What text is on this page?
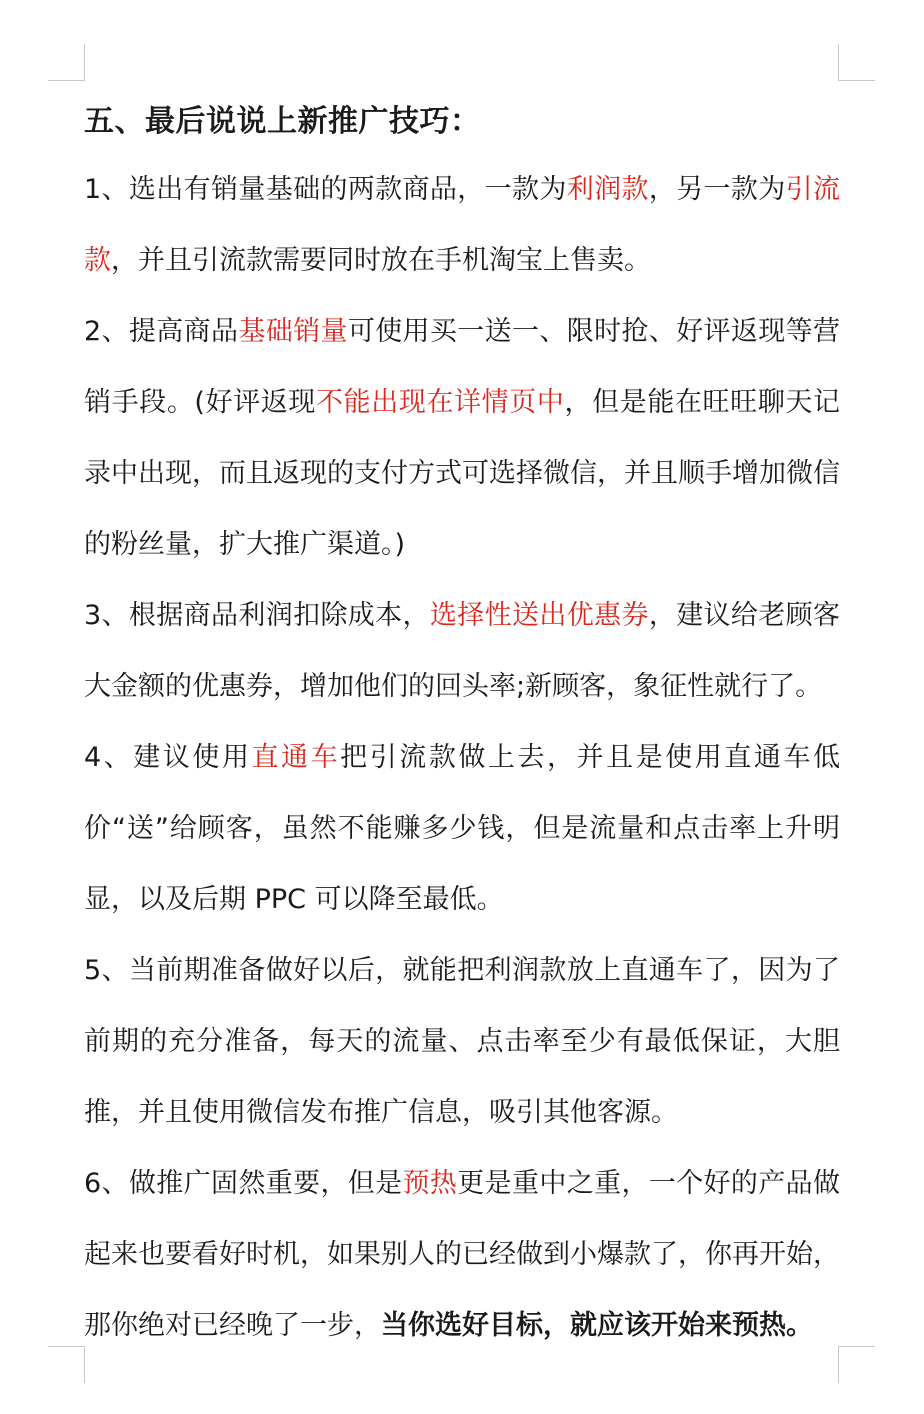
五、最后说说上新推广技巧：

1、选出有销量基础的两款商品，一款为利润款，另一款为引流款，并且引流款需要同时放在手机淘宝上售卖。

2、提高商品基础销量可使用买一送一、限时抢、好评返现等营销手段。(好评返现不能出现在详情页中，但是能在旺旺聊天记录中出现，而且返现的支付方式可选择微信，并且顺手增加微信的粉丝量，扩大推广渠道。)

3、根据商品利润扣除成本，选择性送出优惠券，建议给老顾客大金额的优惠券，增加他们的回头率;新顾客，象征性就行了。

4、建议使用直通车把引流款做上去，并且是使用直通车低价“送”给顾客，虽然不能赚多少钱，但是流量和点击率上升明显，以及后期 PPC 可以降至最低。

5、当前期准备做好以后，就能把利润款放上直通车了，因为了前期的充分准备，每天的流量、点击率至少有最低保证，大胆推，并且使用微信发布推广信息，吸引其他客源。

6、做推广固然重要，但是预热更是重中之重，一个好的产品做起来也要看好时机，如果别人的已经做到小爆款了，你再开始，那你绝对已经晚了一步，当你选好目标，就应该开始来预热。
